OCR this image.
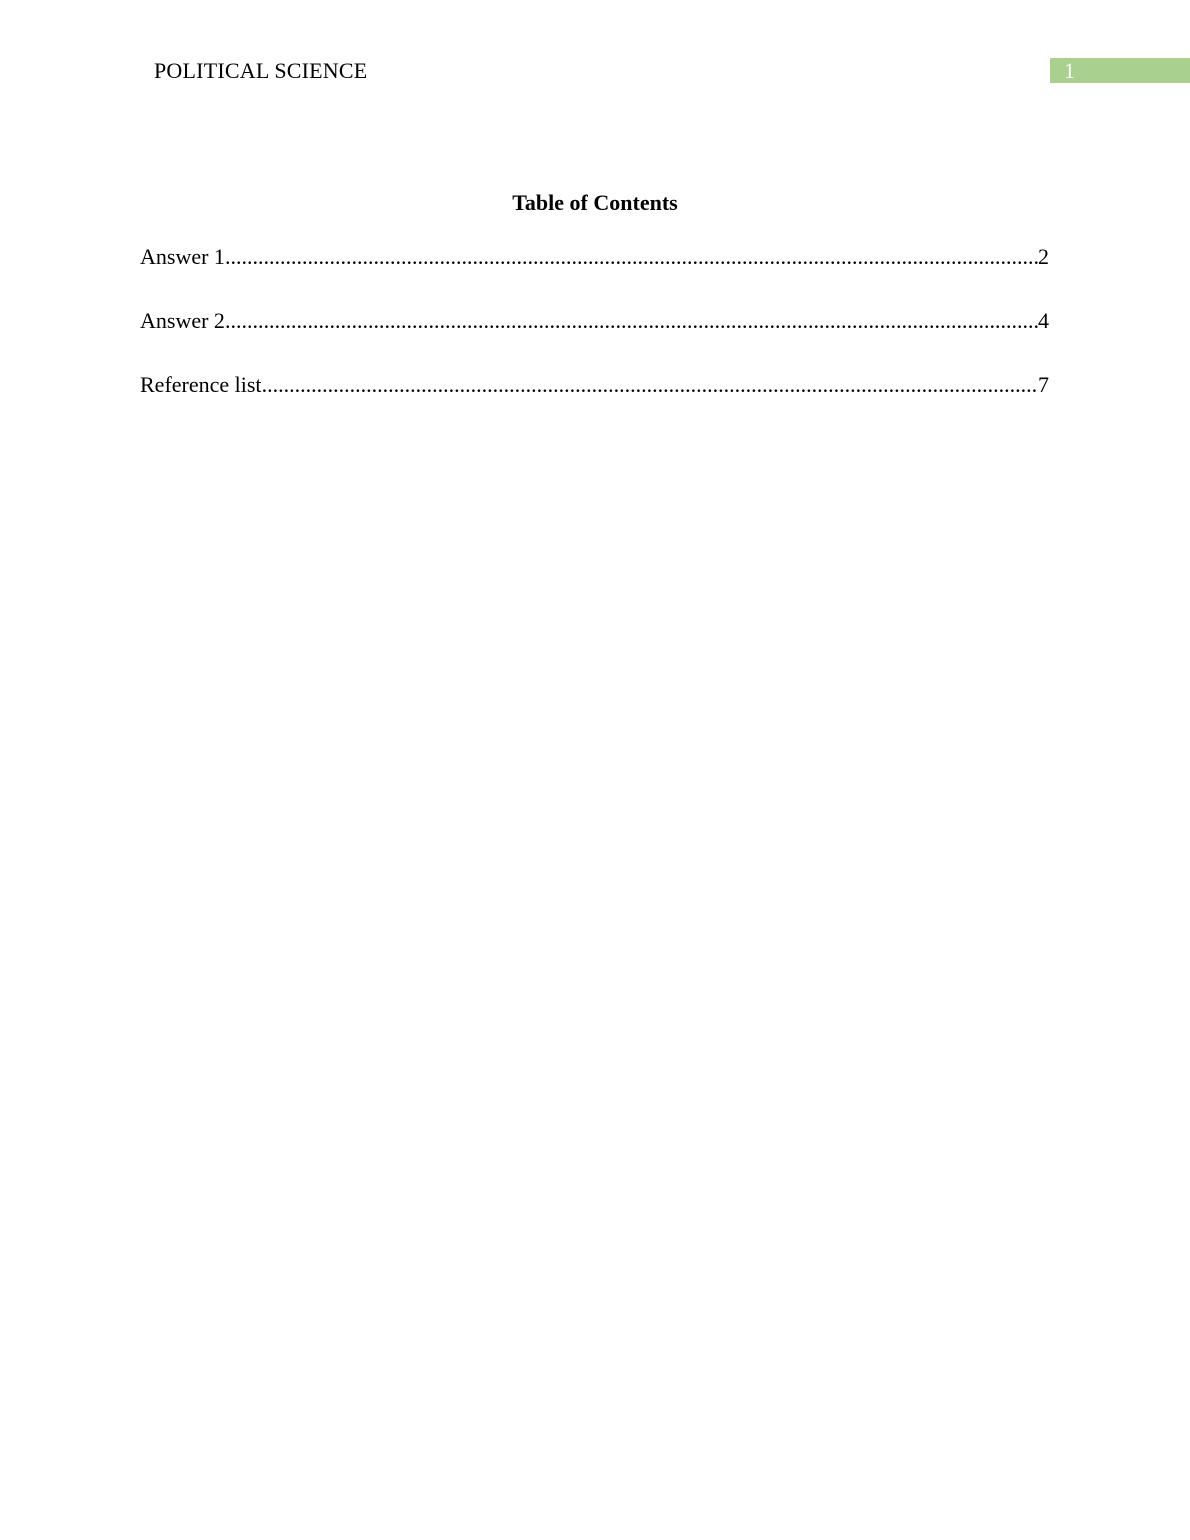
POLITICAL SCIENCE	1
Table of Contents
Answer 1 .....	2
Answer 2 .....	4
Reference list .....	7
